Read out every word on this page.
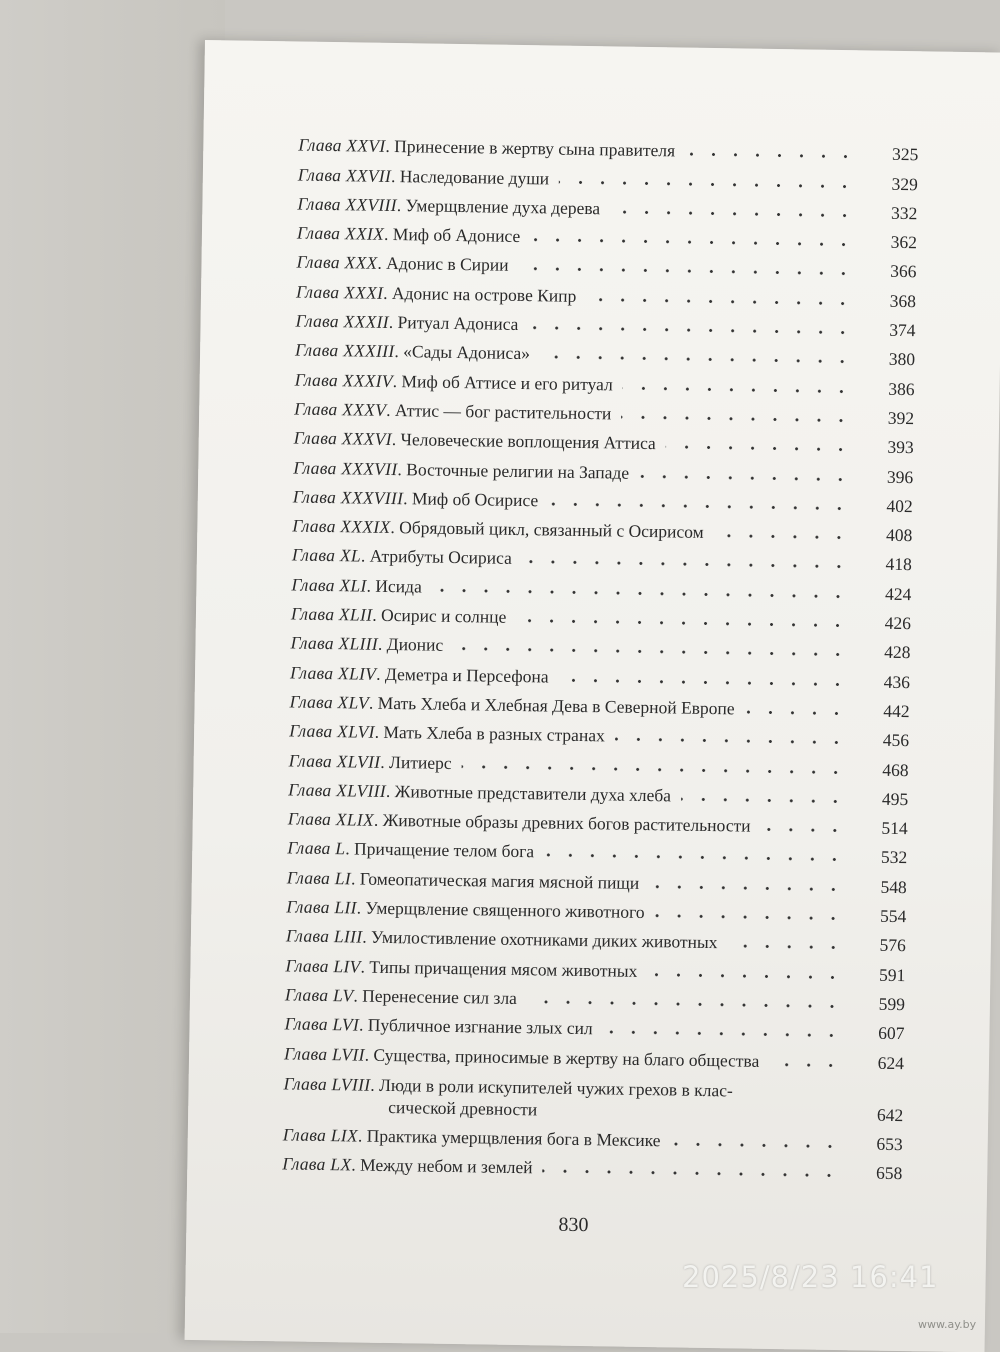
Глава XXVI. Принесение в жертву сына правителя	325
Глава XXVII. Наследование души	329
Глава XXVIII. Умерщвление духа дерева	332
Глава XXIX. Миф об Адонисе	362
Глава XXX. Адонис в Сирии	366
Глава XXXI. Адонис на острове Кипр	368
Глава XXXII. Ритуал Адониса	374
Глава XXXIII. «Сады Адониса»	380
Глава XXXIV. Миф об Аттисе и его ритуал	386
Глава XXXV. Аттис — бог растительности	392
Глава XXXVI. Человеческие воплощения Аттиса	393
Глава XXXVII. Восточные религии на Западе	396
Глава XXXVIII. Миф об Осирисе	402
Глава XXXIX. Обрядовый цикл, связанный с Осирисом	408
Глава XL. Атрибуты Осириса	418
Глава XLI. Исида	424
Глава XLII. Осирис и солнце	426
Глава XLIII. Дионис	428
Глава XLIV. Деметра и Персефона	436
Глава XLV. Мать Хлеба и Хлебная Дева в Северной Европе	442
Глава XLVI. Мать Хлеба в разных странах	456
Глава XLVII. Литиерс	468
Глава XLVIII. Животные представители духа хлеба	495
Глава XLIX. Животные образы древних богов растительности	514
Глава L. Причащение телом бога	532
Глава LI. Гомеопатическая магия мясной пищи	548
Глава LII. Умерщвление священного животного	554
Глава LIII. Умилостивление охотниками диких животных	576
Глава LIV. Типы причащения мясом животных	591
Глава LV. Перенесение сил зла	599
Глава LVI. Публичное изгнание злых сил	607
Глава LVII. Существа, приносимые в жертву на благо общества	624
Глава LVIII. Люди в роли искупителей чужих грехов в клас-
сической древности	642
Глава LIX. Практика умерщвления бога в Мексике	653
Глава LX. Между небом и землей	658
830
2025/8/23 16:41
www.ay.by
